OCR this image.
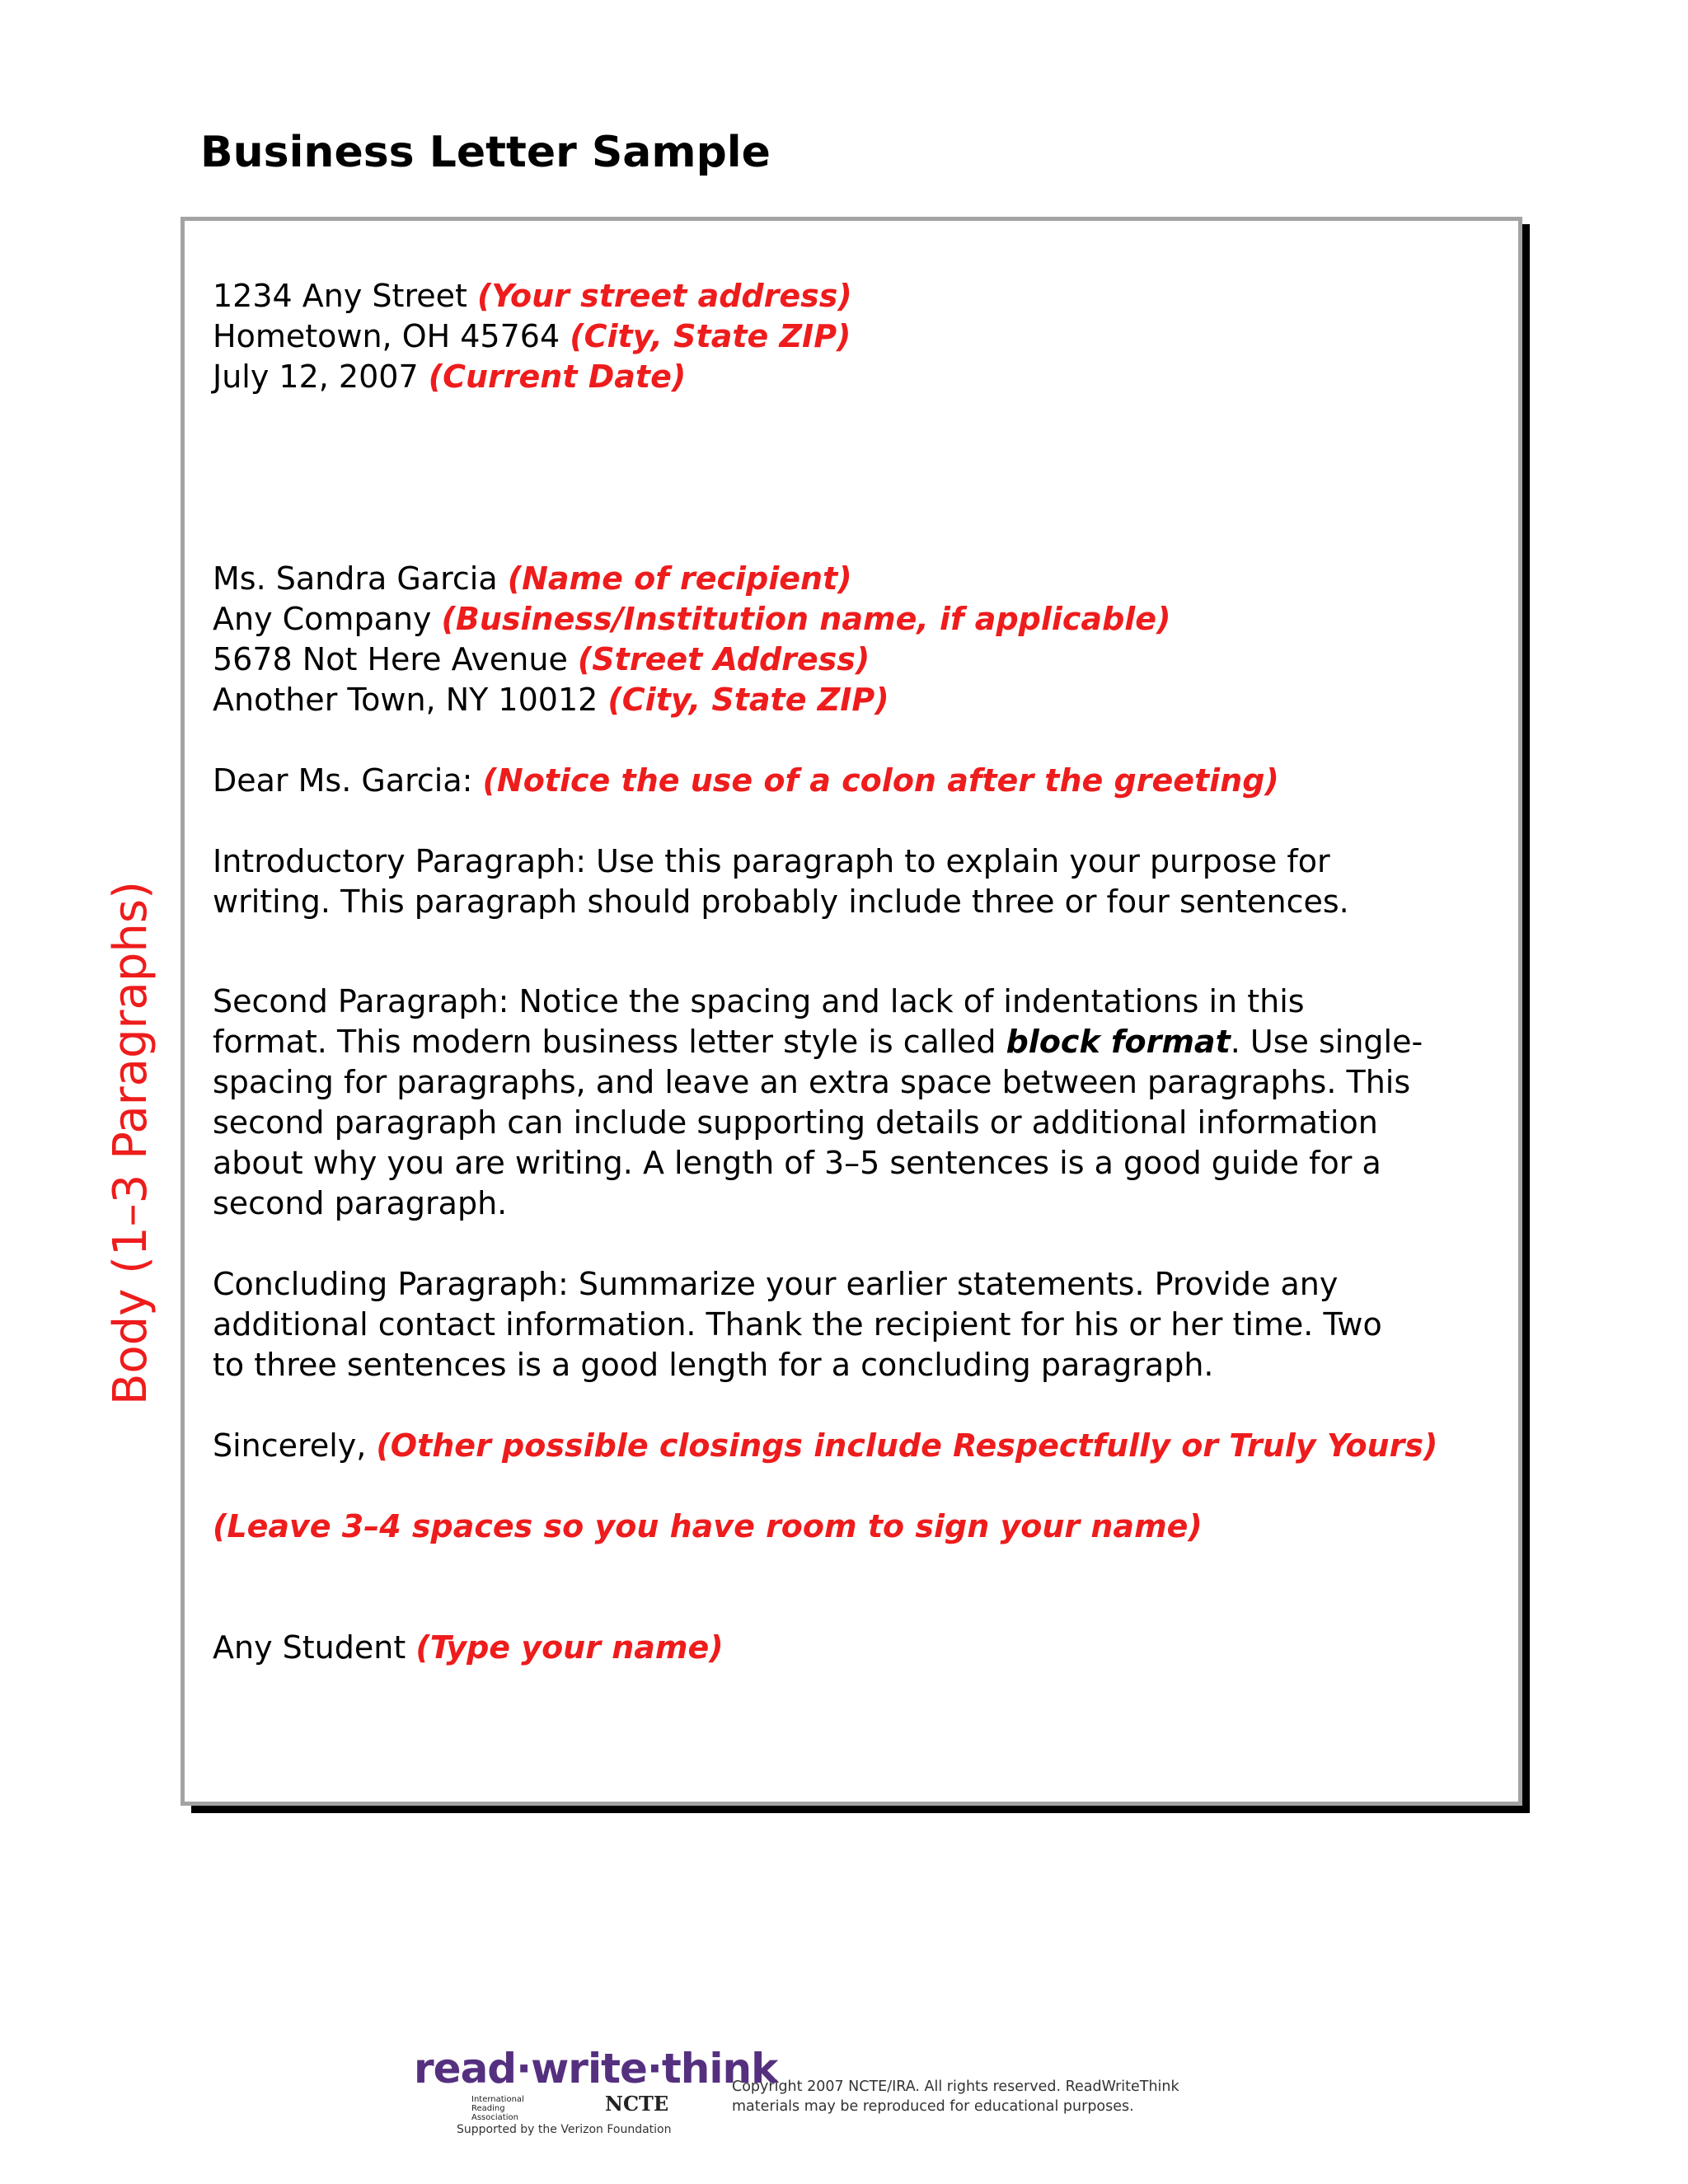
Business Letter Sample
Body (1–3 Paragraphs)
1234 Any Street (Your street address)
Hometown, OH 45764 (City, State ZIP)
July 12, 2007 (Current Date)
Ms. Sandra Garcia (Name of recipient)
Any Company (Business/Institution name, if applicable)
5678 Not Here Avenue (Street Address)
Another Town, NY 10012 (City, State ZIP)
Dear Ms. Garcia: (Notice the use of a colon after the greeting)
Introductory Paragraph: Use this paragraph to explain your purpose for
writing. This paragraph should probably include three or four sentences.
Second Paragraph: Notice the spacing and lack of indentations in this
format. This modern business letter style is called block format. Use single-
spacing for paragraphs, and leave an extra space between paragraphs. This
second paragraph can include supporting details or additional information
about why you are writing. A length of 3–5 sentences is a good guide for a
second paragraph.
Concluding Paragraph: Summarize your earlier statements. Provide any
additional contact information. Thank the recipient for his or her time. Two
to three sentences is a good length for a concluding paragraph.
Sincerely, (Other possible closings include Respectfully or Truly Yours)
(Leave 3–4 spaces so you have room to sign your name)
Any Student (Type your name)
read·write·think
International Reading Association
NCTE
Supported by the Verizon Foundation
Copyright 2007 NCTE/IRA. All rights reserved. ReadWriteThink
materials may be reproduced for educational purposes.
